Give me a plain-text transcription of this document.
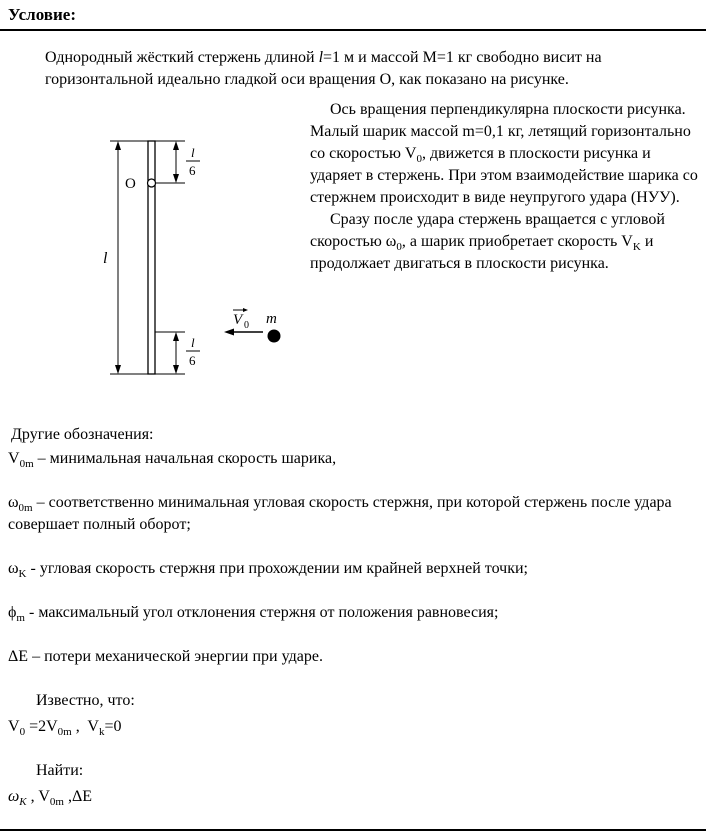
Условие:
Однородный жёсткий стержень длиной l=1 м и массой M=1 кг свободно висит на горизонтальной идеально гладкой оси вращения О, как показано на рисунке.

Ось вращения перпендикулярна плоскости рисунка. Малый шарик массой m=0,1 кг, летящий горизонтально со скоростью $V_0$, движется в плоскости рисунка и ударяет в стержень. При этом взаимодействие шарика со стержнем происходит в виде неупругого удара (НУУ).

Сразу после удара стержень вращается с угловой скоростью $\omega_0$, а шарик приобретает скорость $V_K$ и продолжает двигаться в плоскости рисунка.

l
l
6
l
6
O
V 0 m

Другие обозначения:

$V_{0m}$ – минимальная начальная скорость шарика,

$\omega_{0m}$ – соответственно минимальная угловая скорость стержня, при которой стержень после удара совершает полный оборот;

$\omega_K$ - угловая скорость стержня при прохождении им крайней верхней точки;

$\phi_m$ - максимальный угол отклонения стержня от положения равновесия;

ΔE – потери механической энергии при ударе.

Известно, что:

$V_0 =2V_{0m}$ ,  $V_k=0$

Найти:

$\omega_K$ , $V_{0m}$ ,ΔE
